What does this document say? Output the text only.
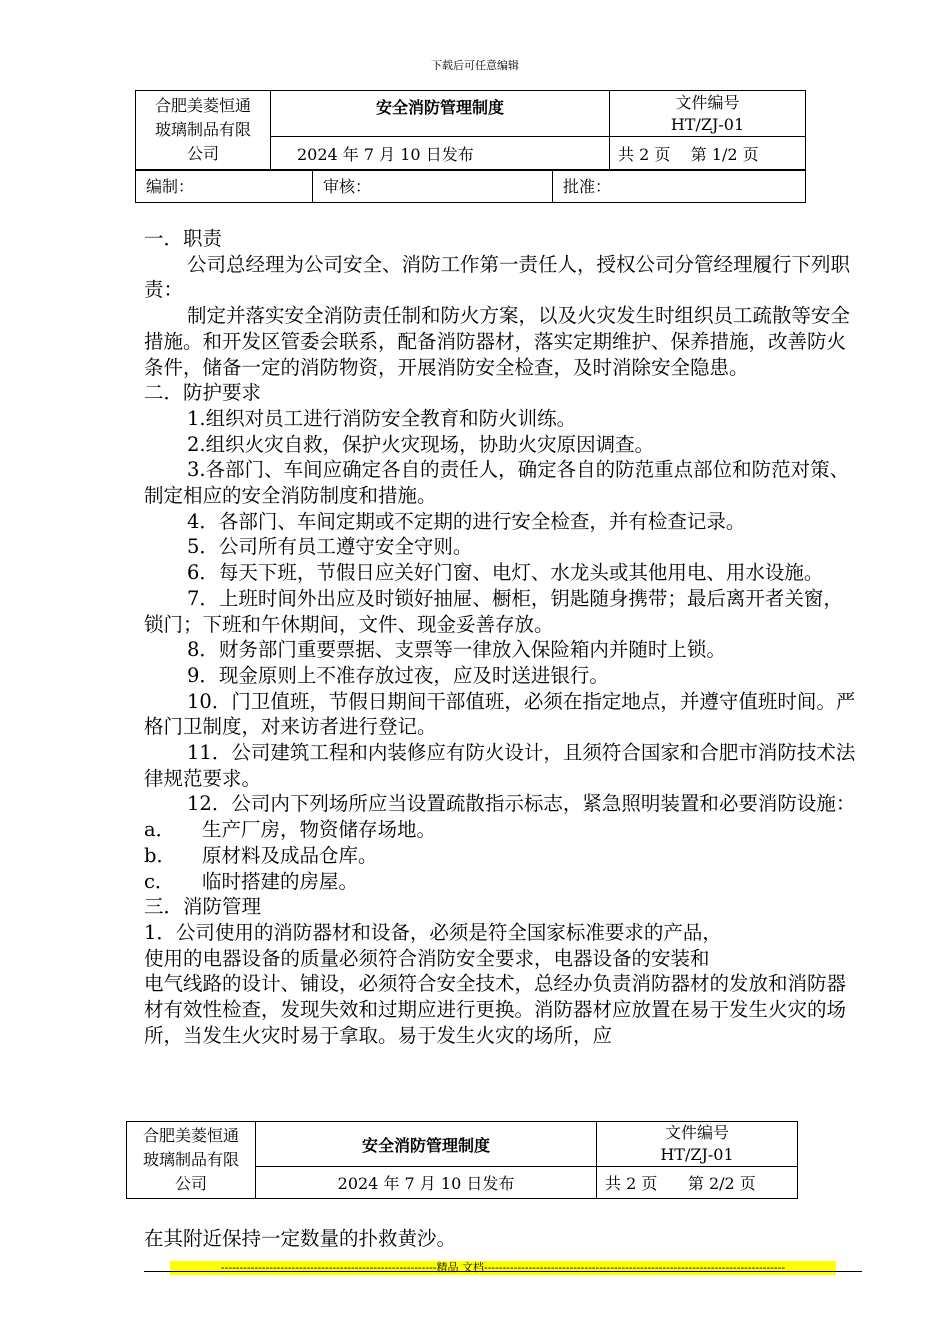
下载后可任意编辑
合肥美菱恒通
玻璃制品有限
公司	安全消防管理制度	文件编号
HT/ZJ-01
	2024 年 7 月 10 日发布	共 2 页 第 1/2 页
编制：	审核：	批准：

一．职责

公司总经理为公司安全、消防工作第一责任人，授权公司分管经理履行下列职责：

制定并落实安全消防责任制和防火方案，以及火灾发生时组织员工疏散等安全措施。和开发区管委会联系，配备消防器材，落实定期维护、保养措施，改善防火条件，储备一定的消防物资，开展消防安全检查，及时消除安全隐患。

二．防护要求

1.组织对员工进行消防安全教育和防火训练。

2.组织火灾自救，保护火灾现场，协助火灾原因调查。

3.各部门、车间应确定各自的责任人，确定各自的防范重点部位和防范对策、制定相应的安全消防制度和措施。

4．各部门、车间定期或不定期的进行安全检查，并有检查记录。

5．公司所有员工遵守安全守则。

6．每天下班，节假日应关好门窗、电灯、水龙头或其他用电、用水设施。

7．上班时间外出应及时锁好抽屉、橱柜，钥匙随身携带；最后离开者关窗，锁门；下班和午休期间，文件、现金妥善存放。

8．财务部门重要票据、支票等一律放入保险箱内并随时上锁。

9．现金原则上不准存放过夜，应及时送进银行。

10．门卫值班，节假日期间干部值班，必须在指定地点，并遵守值班时间。严格门卫制度，对来访者进行登记。

11．公司建筑工程和内装修应有防火设计，且须符合国家和合肥市消防技术法律规范要求。

12．公司内下列场所应当设置疏散指示标志，紧急照明装置和必要消防设施：

a． 生产厂房，物资储存场地。

b． 原材料及成品仓库。

c． 临时搭建的房屋。

三．消防管理

1．公司使用的消防器材和设备，必须是符全国家标准要求的产品，

使用的电器设备的质量必须符合消防安全要求，电器设备的安装和

电气线路的设计、铺设，必须符合安全技术，总经办负责消防器材的发放和消防器材有效性检查，发现失效和过期应进行更换。消防器材应放置在易于发生火灾的场所，当发生火灾时易于拿取。易于发生火灾的场所，应

合肥美菱恒通
玻璃制品有限
公司	安全消防管理制度	文件编号
HT/ZJ-01
	2024 年 7 月 10 日发布	共 2 页 第 2/2 页
在其附近保持一定数量的扑救黄沙。
----------------------------------------------------------精品 文档---------------------------------------------------------------------------------
